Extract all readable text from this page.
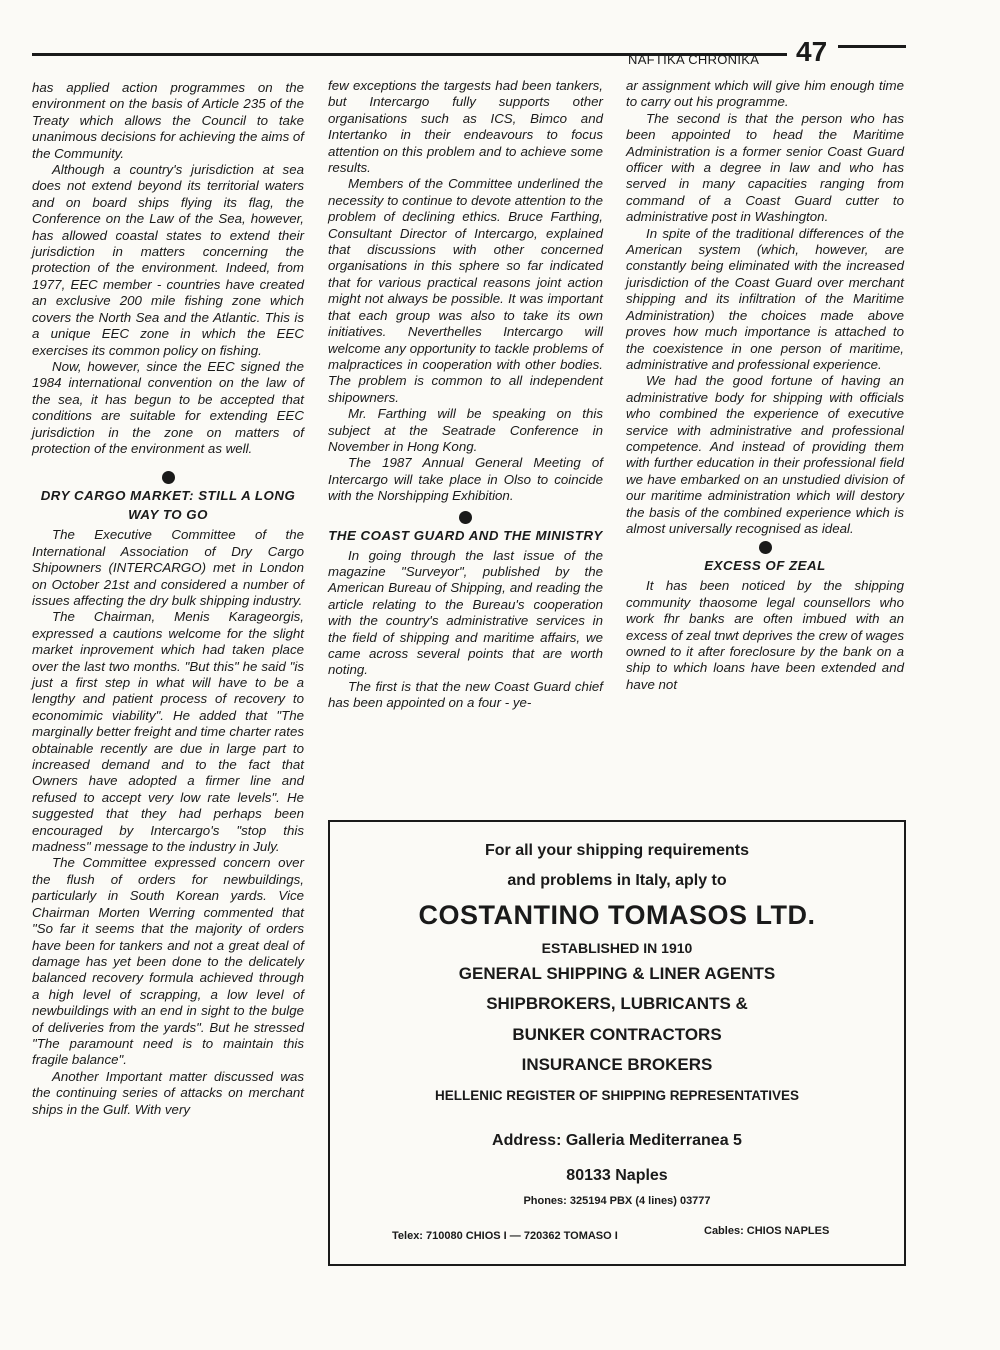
NAFTIKA CHRONIKA 47

has applied action programmes on the environment on the basis of Article 235 of the Treaty which allows the Council to take unanimous decisions for achieving the aims of the Community.

Although a country's jurisdiction at sea does not extend beyond its territorial waters and on board ships flying its flag, the Conference on the Law of the Sea, however, has allowed coastal states to extend their jurisdiction in matters concerning the protection of the environment. Indeed, from 1977, EEC member - countries have created an exclusive 200 mile fishing zone which covers the North Sea and the Atlantic. This is a unique EEC zone in which the EEC exercises its common policy on fishing.

Now, however, since the EEC signed the 1984 international convention on the law of the sea, it has begun to be accepted that conditions are suitable for extending EEC jurisdiction in the zone on matters of protection of the environment as well.

DRY CARGO MARKET: STILL A LONG WAY TO GO

The Executive Committee of the International Association of Dry Cargo Shipowners (INTERCARGO) met in London on October 21st and considered a number of issues affecting the dry bulk shipping industry.

The Chairman, Menis Karageorgis, expressed a cautions welcome for the slight market inprovement which had taken place over the last two months. "But this" he said "is just a first step in what will have to be a lengthy and patient process of recovery to economimic viability". He added that "The marginally better freight and time charter rates obtainable recently are due in large part to increased demand and to the fact that Owners have adopted a firmer line and refused to accept very low rate levels". He suggested that they had perhaps been encouraged by Intercargo's "stop this madness" message to the industry in July.

The Committee expressed concern over the flush of orders for newbuildings, particularly in South Korean yards. Vice Chairman Morten Werring commented that "So far it seems that the majority of orders have been for tankers and not a great deal of damage has yet been done to the delicately balanced recovery formula achieved through a high level of scrapping, a low level of newbuildings with an end in sight to the bulge of deliveries from the yards". But he stressed "The paramount need is to maintain this fragile balance".

Another Important matter discussed was the continuing series of attacks on merchant ships in the Gulf. With very

few exceptions the targests had been tankers, but Intercargo fully supports other organisations such as ICS, Bimco and Intertanko in their endeavours to focus attention on this problem and to achieve some results.

Members of the Committee underlined the necessity to continue to devote attention to the problem of declining ethics. Bruce Farthing, Consultant Director of Intercargo, explained that discussions with other concerned organisations in this sphere so far indicated that for various practical reasons joint action might not always be possible. It was important that each group was also to take its own initiatives. Neverthelles Intercargo will welcome any opportunity to tackle problems of malpractices in cooperation with other bodies. The problem is common to all independent shipowners.

Mr. Farthing will be speaking on this subject at the Seatrade Conference in November in Hong Kong.

The 1987 Annual General Meeting of Intercargo will take place in Olso to coincide with the Norshipping Exhibition.

THE COAST GUARD AND THE MINISTRY

In going through the last issue of the magazine "Surveyor", published by the American Bureau of Shipping, and reading the article relating to the Bureau's cooperation with the country's administrative services in the field of shipping and maritime affairs, we came across several points that are worth noting.

The first is that the new Coast Guard chief has been appointed on a four - ye-

ar assignment which will give him enough time to carry out his programme.

The second is that the person who has been appointed to head the Maritime Administration is a former senior Coast Guard officer with a degree in law and who has served in many capacities ranging from command of a Coast Guard cutter to administrative post in Washington.

In spite of the traditional differences of the American system (which, however, are constantly being eliminated with the increased jurisdiction of the Coast Guard over merchant shipping and its infiltration of the Maritime Administration) the choices made above proves how much importance is attached to the coexistence in one person of maritime, administrative and professional experience.

We had the good fortune of having an administrative body for shipping with officials who combined the experience of executive service with administrative and professional competence. And instead of providing them with further education in their professional field we have embarked on an unstudied division of our maritime administration which will destory the basis of the combined experience which is almost universally recognised as ideal.

EXCESS OF ZEAL

It has been noticed by the shipping community thaosome legal counsellors who work fhr banks are often imbued with an excess of zeal tnwt deprives the crew of wages owned to it after foreclosure by the bank on a ship to which loans have been extended and have not

For all your shipping requirements
and problems in Italy, aply to
COSTANTINO TOMASOS LTD.
ESTABLISHED IN 1910
GENERAL SHIPPING & LINER AGENTS
SHIPBROKERS, LUBRICANTS &
BUNKER CONTRACTORS
INSURANCE BROKERS
HELLENIC REGISTER OF SHIPPING REPRESENTATIVES
Address: Galleria Mediterranea 5
80133 Naples
Phones: 325194 PBX (4 lines) 03777
Telex: 710080 CHIOS I — 720362 TOMASO I	Cables: CHIOS NAPLES
